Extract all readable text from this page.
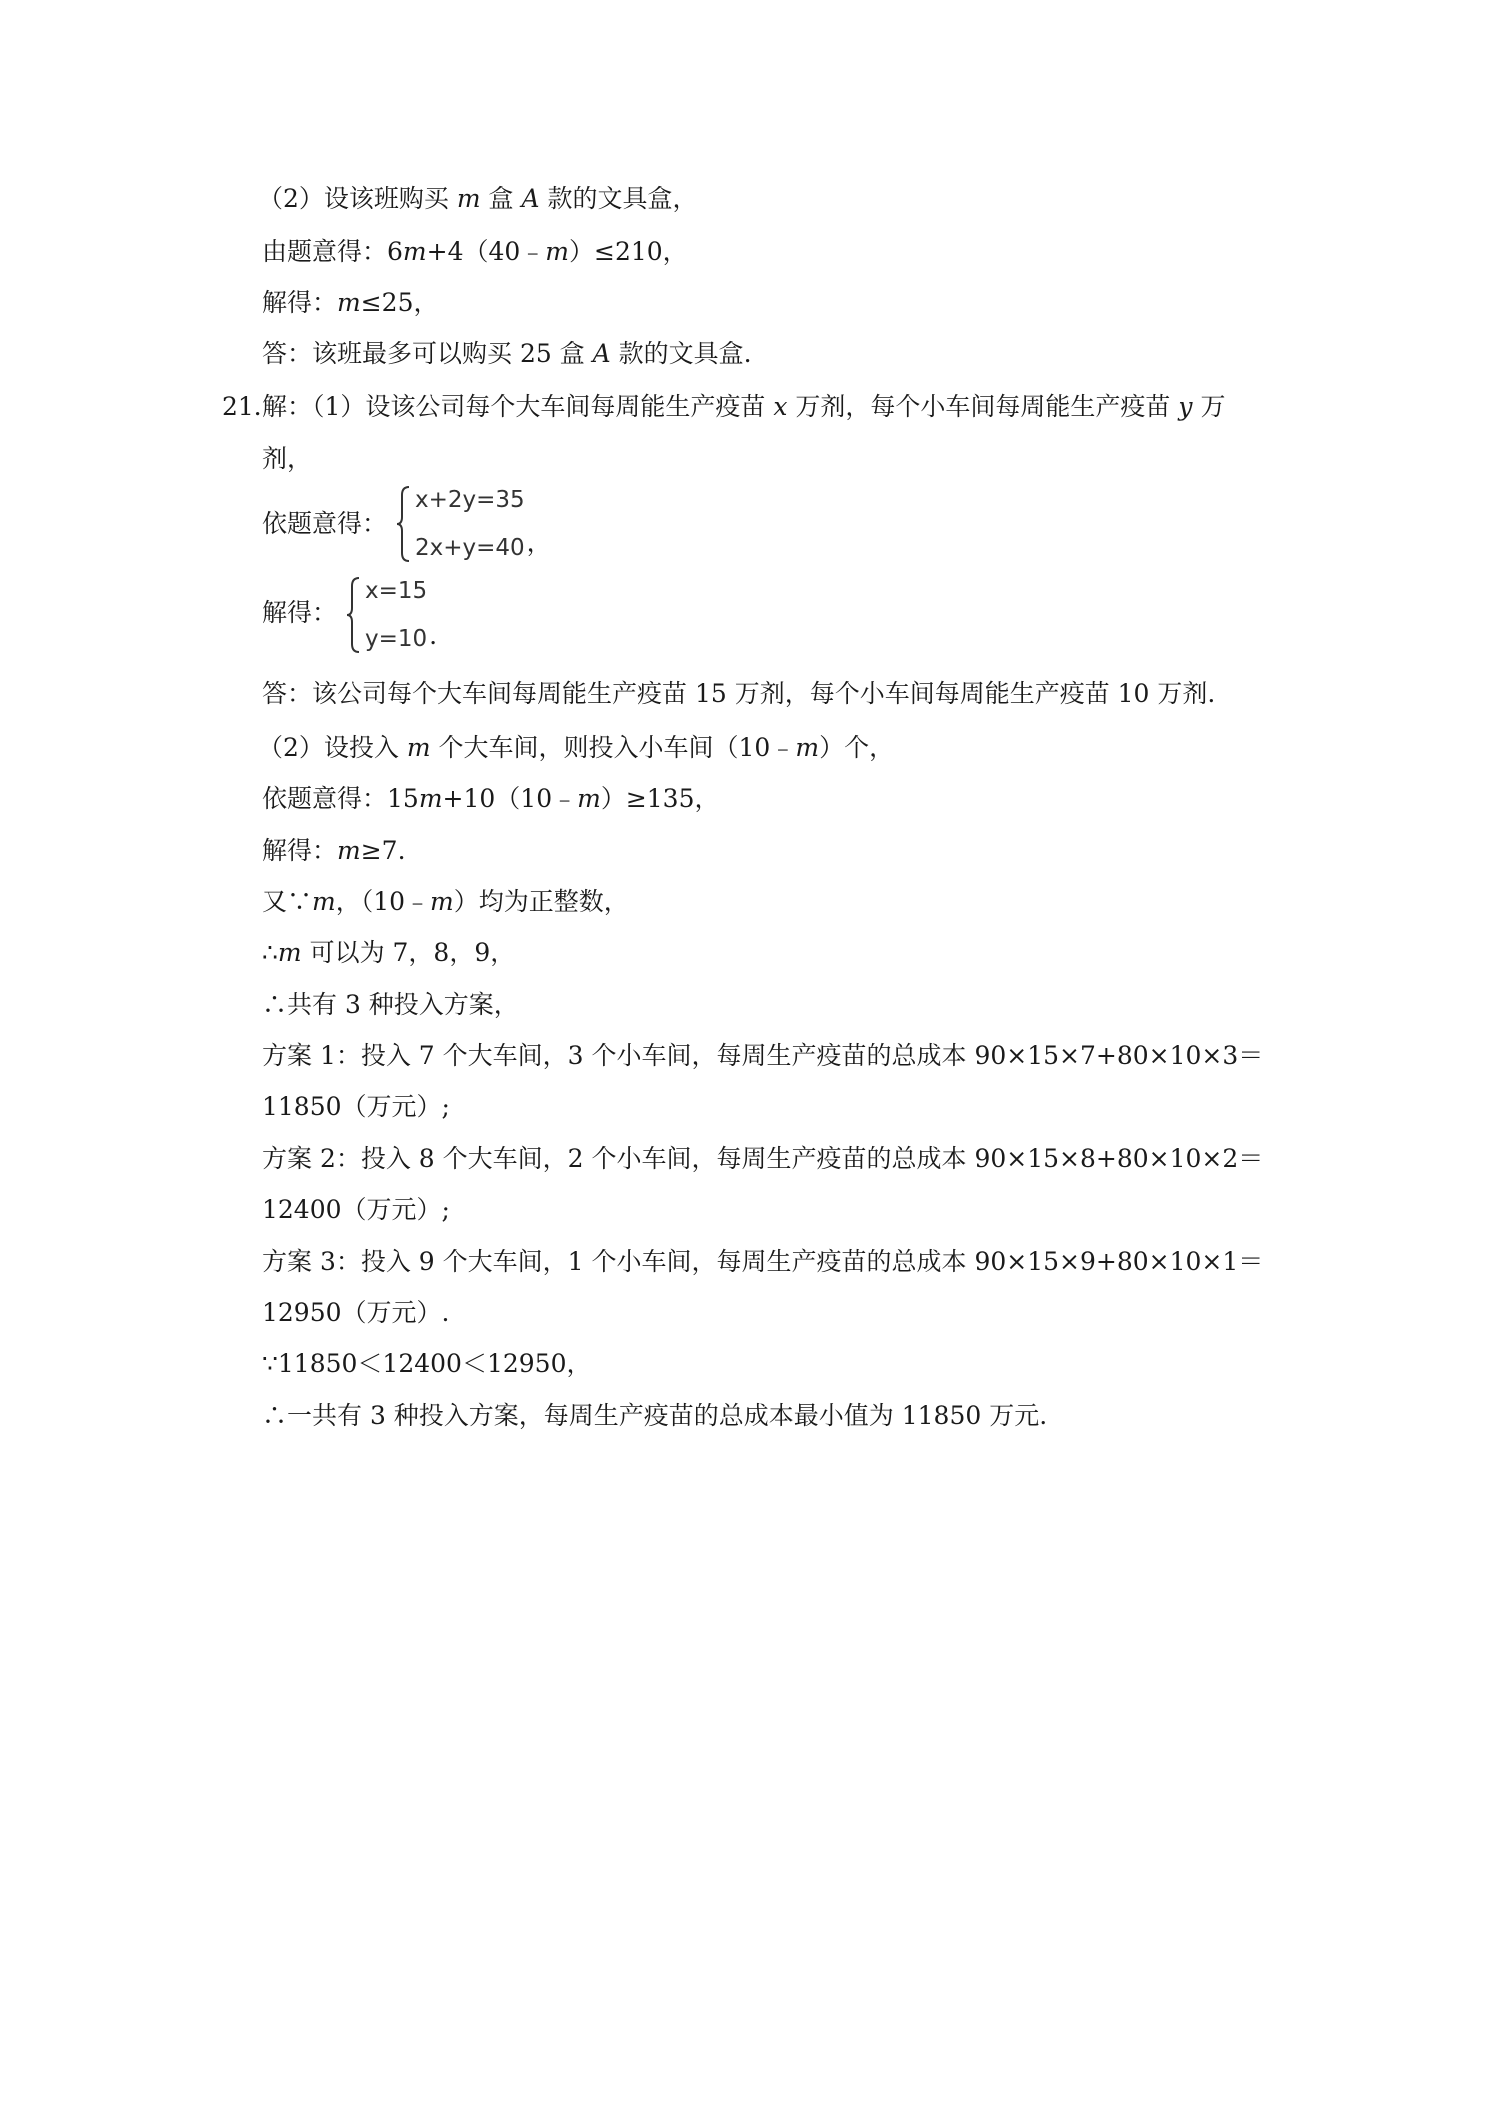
（2）设该班购买 m 盒 A 款的文具盒，
由题意得：6m+4（40﹣m）≤210，
解得：m≤25，
答：该班最多可以购买 25 盒 A 款的文具盒.
21．
解：（1）设该公司每个大车间每周能生产疫苗 x 万剂，每个小车间每周能生产疫苗 y 万
剂，
依题意得：
x+2y=35
2x+y=40 ，
解得：
x=15
y=10 .
答：该公司每个大车间每周能生产疫苗 15 万剂，每个小车间每周能生产疫苗 10 万剂.
（2）设投入 m 个大车间，则投入小车间（10﹣m）个，
依题意得：15m+10（10﹣m）≥135，
解得：m≥7.
又∵m，（10﹣m）均为正整数，
∴m 可以为 7，8，9，
∴共有 3 种投入方案，
方案 1：投入 7 个大车间，3 个小车间，每周生产疫苗的总成本 90×15×7+80×10×3＝
11850（万元）;
方案 2：投入 8 个大车间，2 个小车间，每周生产疫苗的总成本 90×15×8+80×10×2＝
12400（万元）;
方案 3：投入 9 个大车间，1 个小车间，每周生产疫苗的总成本 90×15×9+80×10×1＝
12950（万元）.
∵11850＜12400＜12950，
∴一共有 3 种投入方案，每周生产疫苗的总成本最小值为 11850 万元.
